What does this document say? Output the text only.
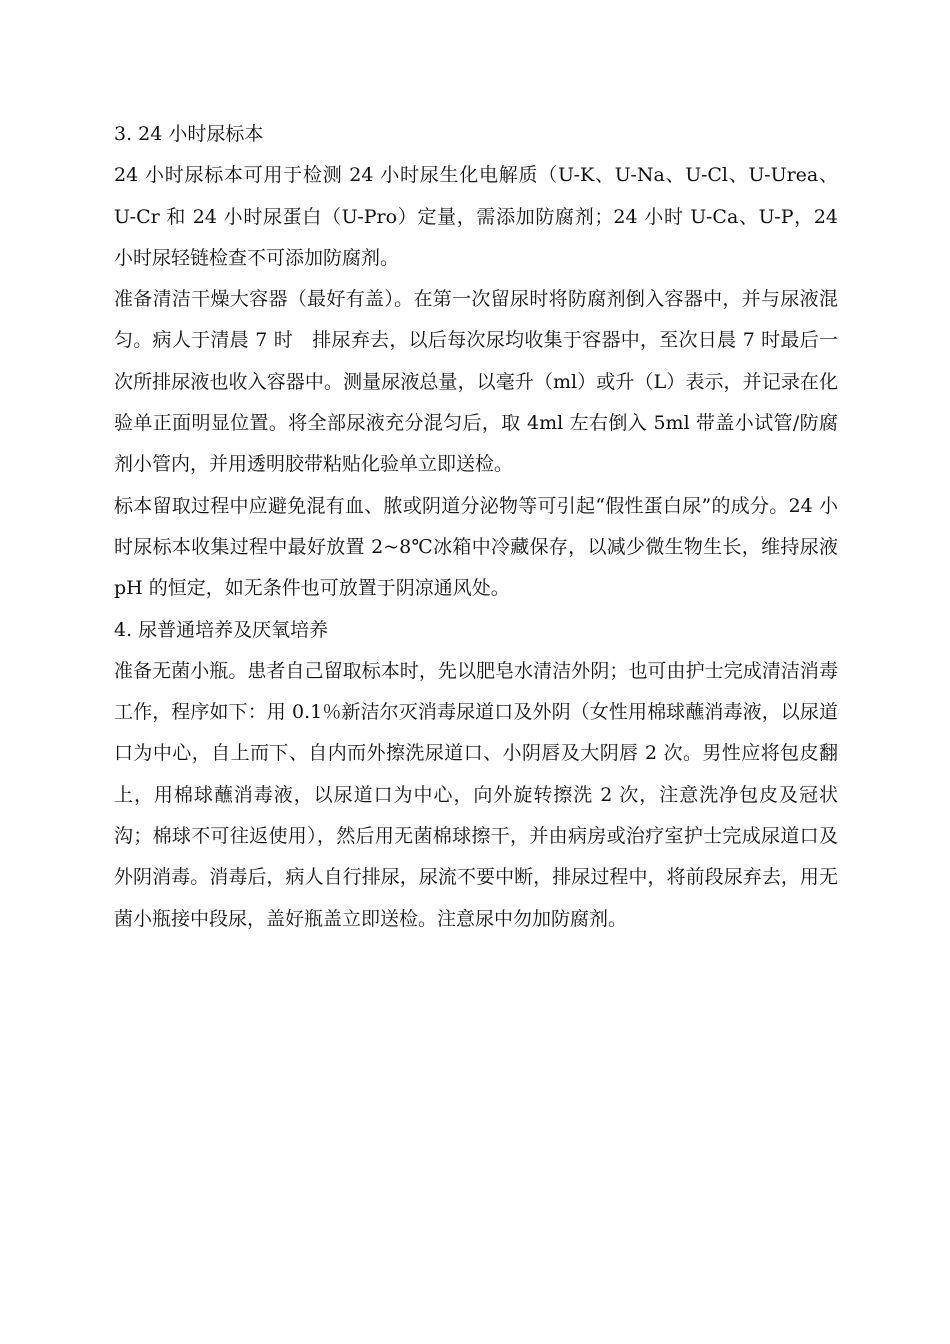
3. 24 小时尿标本

24 小时尿标本可用于检测 24 小时尿生化电解质（U-K、U-Na、U-Cl、U-Urea、U-Cr 和 24 小时尿蛋白（U-Pro）定量，需添加防腐剂；24 小时 U-Ca、U-P，24 小时尿轻链检查不可添加防腐剂。

准备清洁干燥大容器（最好有盖）。在第一次留尿时将防腐剂倒入容器中，并与尿液混匀。病人于清晨 7 时　排尿弃去，以后每次尿均收集于容器中，至次日晨 7 时最后一次所排尿液也收入容器中。测量尿液总量，以毫升（ml）或升（L）表示，并记录在化验单正面明显位置。将全部尿液充分混匀后，取 4ml 左右倒入 5ml 带盖小试管/防腐剂小管内，并用透明胶带粘贴化验单立即送检。

标本留取过程中应避免混有血、脓或阴道分泌物等可引起“假性蛋白尿”的成分。24 小时尿标本收集过程中最好放置 2~8℃冰箱中冷藏保存，以减少微生物生长，维持尿液 pH 的恒定，如无条件也可放置于阴凉通风处。

4. 尿普通培养及厌氧培养

准备无菌小瓶。患者自己留取标本时，先以肥皂水清洁外阴；也可由护士完成清洁消毒工作，程序如下：用 0.1％新洁尔灭消毒尿道口及外阴（女性用棉球蘸消毒液，以尿道口为中心，自上而下、自内而外擦洗尿道口、小阴唇及大阴唇 2 次。男性应将包皮翻上，用棉球蘸消毒液，以尿道口为中心，向外旋转擦洗 2 次，注意洗净包皮及冠状沟；棉球不可往返使用），然后用无菌棉球擦干，并由病房或治疗室护士完成尿道口及外阴消毒。消毒后，病人自行排尿，尿流不要中断，排尿过程中，将前段尿弃去，用无菌小瓶接中段尿，盖好瓶盖立即送检。注意尿中勿加防腐剂。
